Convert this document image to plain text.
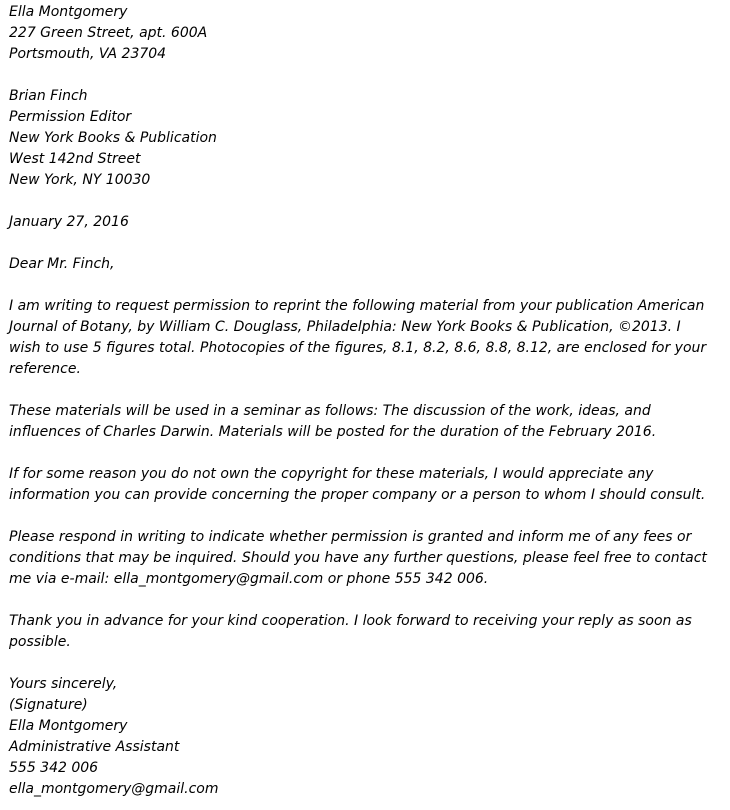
Ella Montgomery
227 Green Street, apt. 600A
Portsmouth, VA 23704
Brian Finch
Permission Editor
New York Books & Publication
West 142nd Street
New York, NY 10030
January 27, 2016
Dear Mr. Finch,
I am writing to request permission to reprint the following material from your publication American
Journal of Botany, by William C. Douglass, Philadelphia: New York Books & Publication, ©2013. I
wish to use 5 figures total. Photocopies of the figures, 8.1, 8.2, 8.6, 8.8, 8.12, are enclosed for your
reference.
These materials will be used in a seminar as follows: The discussion of the work, ideas, and
influences of Charles Darwin. Materials will be posted for the duration of the February 2016.
If for some reason you do not own the copyright for these materials, I would appreciate any
information you can provide concerning the proper company or a person to whom I should consult.
Please respond in writing to indicate whether permission is granted and inform me of any fees or
conditions that may be inquired. Should you have any further questions, please feel free to contact
me via e-mail: ella_montgomery@gmail.com or phone 555 342 006.
Thank you in advance for your kind cooperation. I look forward to receiving your reply as soon as
possible.
Yours sincerely,
(Signature)
Ella Montgomery
Administrative Assistant
555 342 006
ella_montgomery@gmail.com
